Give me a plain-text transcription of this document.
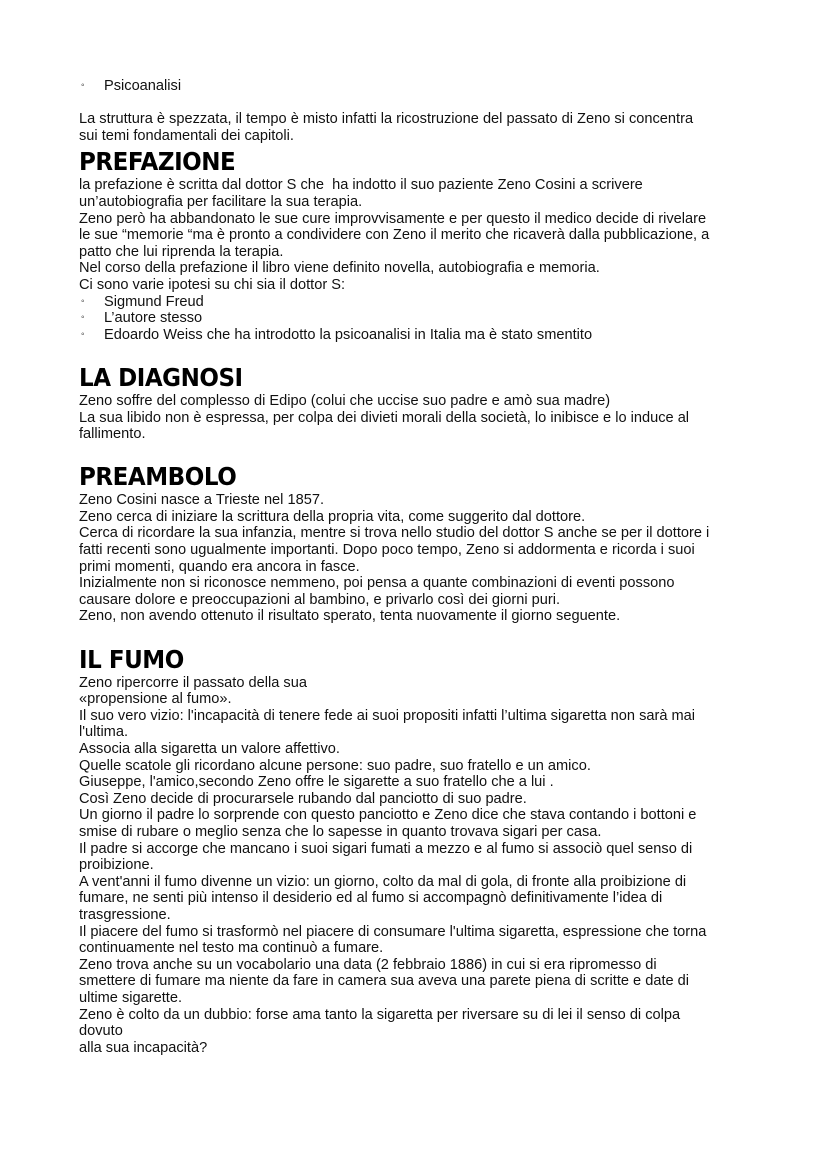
◦ Psicoanalisi
La struttura è spezzata, il tempo è misto infatti la ricostruzione del passato di Zeno si concentra
sui temi fondamentali dei capitoli.
PREFAZIONE
la prefazione è scritta dal dottor S che  ha indotto il suo paziente Zeno Cosini a scrivere
un’autobiografia per facilitare la sua terapia.
Zeno però ha abbandonato le sue cure improvvisamente e per questo il medico decide di rivelare
le sue “memorie “ma è pronto a condividere con Zeno il merito che ricaverà dalla pubblicazione, a
patto che lui riprenda la terapia.
Nel corso della prefazione il libro viene definito novella, autobiografia e memoria.
Ci sono varie ipotesi su chi sia il dottor S:
◦ Sigmund Freud
◦ L’autore stesso
◦ Edoardo Weiss che ha introdotto la psicoanalisi in Italia ma è stato smentito
LA DIAGNOSI
Zeno soffre del complesso di Edipo (colui che uccise suo padre e amò sua madre)
La sua libido non è espressa, per colpa dei divieti morali della società, lo inibisce e lo induce al
fallimento.
PREAMBOLO
Zeno Cosini nasce a Trieste nel 1857.
Zeno cerca di iniziare la scrittura della propria vita, come suggerito dal dottore.
Cerca di ricordare la sua infanzia, mentre si trova nello studio del dottor S anche se per il dottore i
fatti recenti sono ugualmente importanti. Dopo poco tempo, Zeno si addormenta e ricorda i suoi
primi momenti, quando era ancora in fasce.
Inizialmente non si riconosce nemmeno, poi pensa a quante combinazioni di eventi possono
causare dolore e preoccupazioni al bambino, e privarlo così dei giorni puri.
Zeno, non avendo ottenuto il risultato sperato, tenta nuovamente il giorno seguente.
IL FUMO
Zeno ripercorre il passato della sua
«propensione al fumo».
Il suo vero vizio: l'incapacità di tenere fede ai suoi propositi infatti l’ultima sigaretta non sarà mai
l'ultima.
Associa alla sigaretta un valore affettivo.
Quelle scatole gli ricordano alcune persone: suo padre, suo fratello e un amico.
Giuseppe, l'amico,secondo Zeno offre le sigarette a suo fratello che a lui .
Così Zeno decide di procurarsele rubando dal panciotto di suo padre.
Un giorno il padre lo sorprende con questo panciotto e Zeno dice che stava contando i bottoni e
smise di rubare o meglio senza che lo sapesse in quanto trovava sigari per casa.
Il padre si accorge che mancano i suoi sigari fumati a mezzo e al fumo si associò quel senso di
proibizione.
A vent'anni il fumo divenne un vizio: un giorno, colto da mal di gola, di fronte alla proibizione di
fumare, ne senti più intenso il desiderio ed al fumo si accompagnò definitivamente l’idea di
trasgressione.
Il piacere del fumo si trasformò nel piacere di consumare l'ultima sigaretta, espressione che torna
continuamente nel testo ma continuò a fumare.
Zeno trova anche su un vocabolario una data (2 febbraio 1886) in cui si era ripromesso di
smettere di fumare ma niente da fare in camera sua aveva una parete piena di scritte e date di
ultime sigarette.
Zeno è colto da un dubbio: forse ama tanto la sigaretta per riversare su di lei il senso di colpa
dovuto
alla sua incapacità?
